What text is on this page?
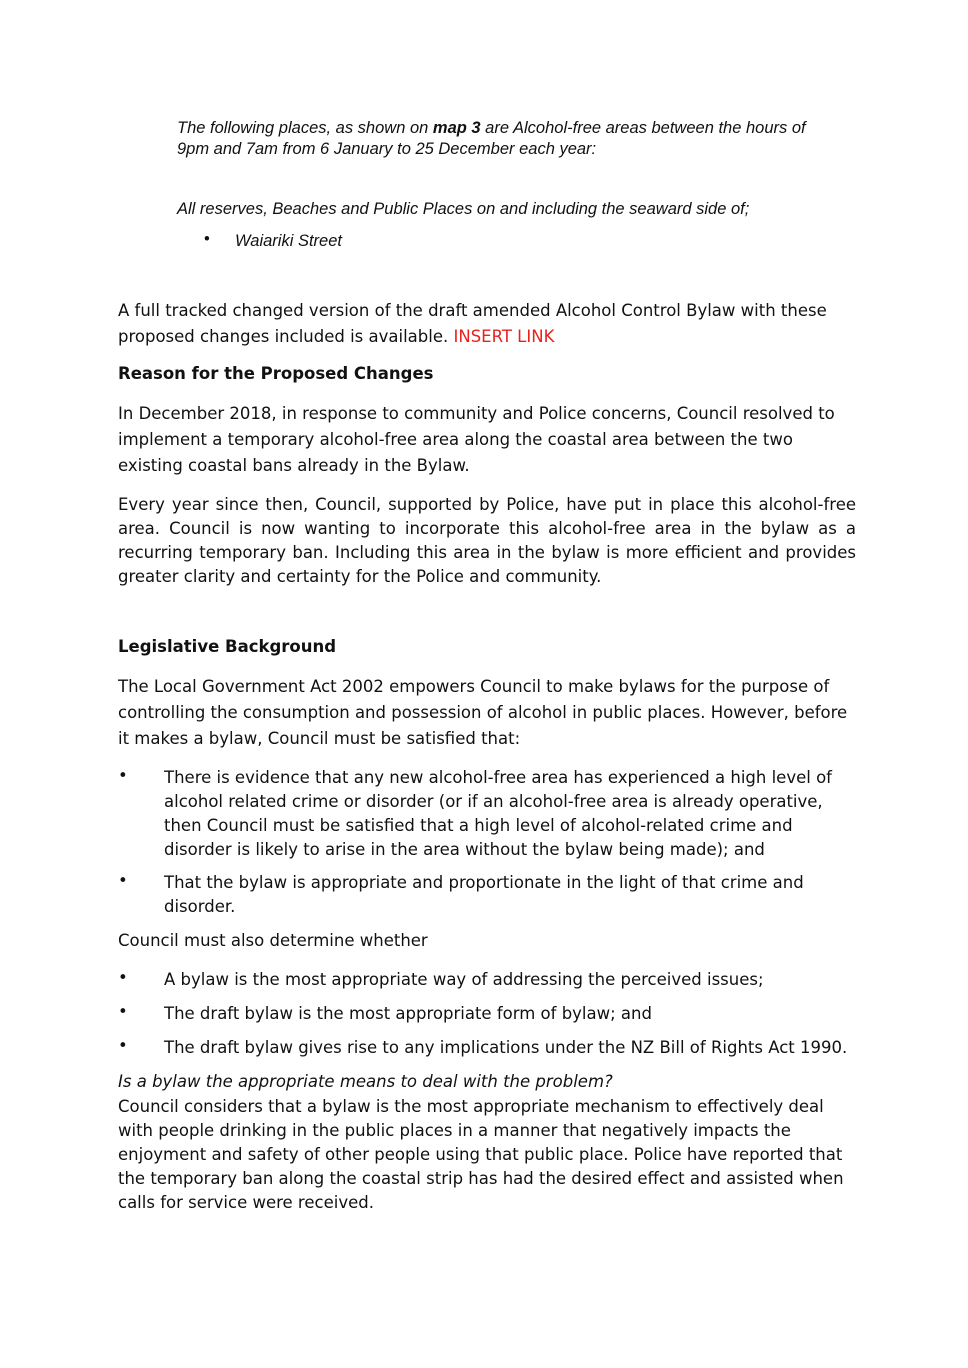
The following places, as shown on map 3 are Alcohol-free areas between the hours of
9pm and 7am from 6 January to 25 December each year:
All reserves, Beaches and Public Places on and including the seaward side of;
• Waiariki Street
A full tracked changed version of the draft amended Alcohol Control Bylaw with these proposed changes included is available. INSERT LINK
Reason for the Proposed Changes
In December 2018, in response to community and Police concerns, Council resolved to implement a temporary alcohol-free area along the coastal area between the two existing coastal bans already in the Bylaw.
Every year since then, Council, supported by Police, have put in place this alcohol-free area. Council is now wanting to incorporate this alcohol-free area in the bylaw as a recurring temporary ban. Including this area in the bylaw is more efficient and provides greater clarity and certainty for the Police and community.
Legislative Background
The Local Government Act 2002 empowers Council to make bylaws for the purpose of controlling the consumption and possession of alcohol in public places. However, before it makes a bylaw, Council must be satisfied that:
• There is evidence that any new alcohol-free area has experienced a high level of alcohol related crime or disorder (or if an alcohol-free area is already operative, then Council must be satisfied that a high level of alcohol-related crime and disorder is likely to arise in the area without the bylaw being made); and
• That the bylaw is appropriate and proportionate in the light of that crime and disorder.
Council must also determine whether
• A bylaw is the most appropriate way of addressing the perceived issues;
• The draft bylaw is the most appropriate form of bylaw; and
• The draft bylaw gives rise to any implications under the NZ Bill of Rights Act 1990.
Is a bylaw the appropriate means to deal with the problem?
Council considers that a bylaw is the most appropriate mechanism to effectively deal with people drinking in the public places in a manner that negatively impacts the enjoyment and safety of other people using that public place. Police have reported that the temporary ban along the coastal strip has had the desired effect and assisted when calls for service were received.
